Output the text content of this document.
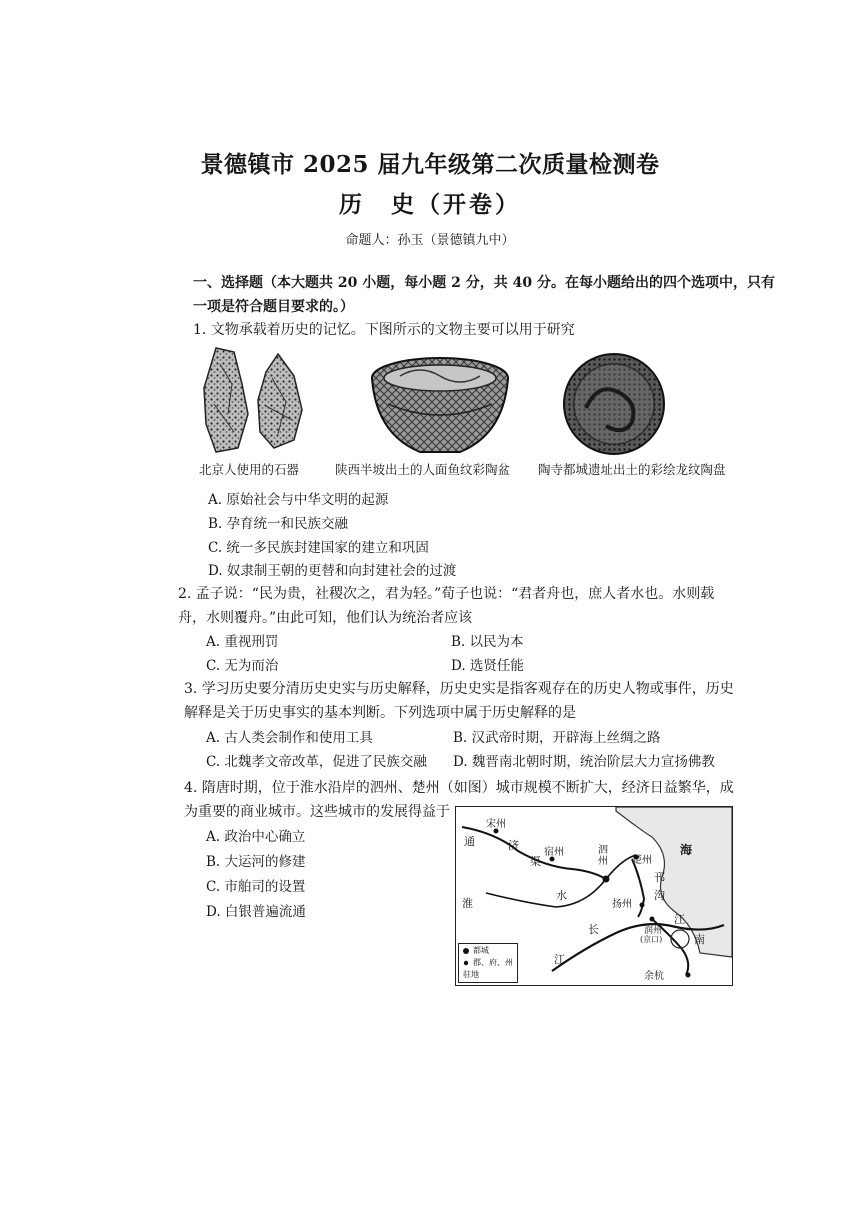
景德镇市 2025 届九年级第二次质量检测卷
历　史（开卷）
命题人：孙玉（景德镇九中）
一、选择题（本大题共 20 小题，每小题 2 分，共 40 分。在每小题给出的四个选项中，只有
一项是符合题目要求的。）
1. 文物承载着历史的记忆。下图所示的文物主要可以用于研究
北京人使用的石器	陕西半坡出土的人面鱼纹彩陶盆 陶寺都城遗址出土的彩绘龙纹陶盘
A. 原始社会与中华文明的起源
B. 孕育统一和民族交融
C. 统一多民族封建国家的建立和巩固
D. 奴隶制王朝的更替和向封建社会的过渡
2. 孟子说：“民为贵，社稷次之，君为轻。”荀子也说：“君者舟也，庶人者水也。水则载
舟，水则覆舟。”由此可知，他们认为统治者应该
A. 重视刑罚	B. 以民为本
C. 无为而治	D. 选贤任能
3. 学习历史要分清历史史实与历史解释，历史史实是指客观存在的历史人物或事件，历史
解释是关于历史事实的基本判断。下列选项中属于历史解释的是
A. 古人类会制作和使用工具	B. 汉武帝时期，开辟海上丝绸之路
C. 北魏孝文帝改革，促进了民族交融 D. 魏晋南北朝时期，统治阶层大力宣扬佛教
4. 隋唐时期，位于淮水沿岸的泗州、楚州（如图）城市规模不断扩大，经济日益繁华，成
为重要的商业城市。这些城市的发展得益于
A. 政治中心确立
B. 大运河的修建
C. 市舶司的设置
D. 白银普遍流通
宋州
通	济
渠
宿州	泗州 楚州
邗
沟
海
淮
水
扬州
长
江
润州
(京口)
江
南
余杭
都城
郡、府、州
驻地
